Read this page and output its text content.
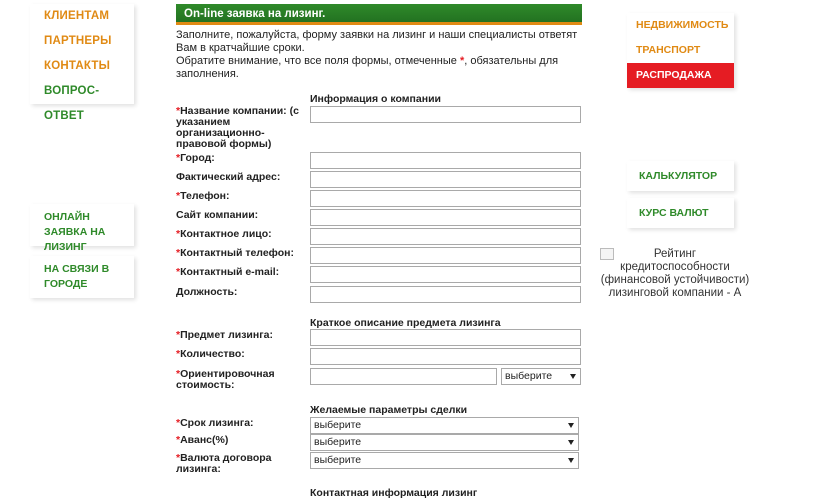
КЛИЕНТАМ
ПАРТНЕРЫ
КОНТАКТЫ
ВОПРОС-ОТВЕТ
ОНЛАЙН ЗАЯВКА НА ЛИЗИНГ
НА СВЯЗИ В ГОРОДЕ
НЕДВИЖИМОСТЬ
ТРАНСПОРТ
РАСПРОДАЖА
КАЛЬКУЛЯТОР
КУРС ВАЛЮТ
Рейтинг кредитоспособности (финансовой устойчивости) лизинговой компании - А
On-line заявка на лизинг.
Заполните, пожалуйста, форму заявки на лизинг и наши специалисты ответят Вам в кратчайшие сроки.
Обратите внимание, что все поля формы, отмеченные *, обязательны для заполнения.
Информация о компании
*Название компании: (с указанием организационно-правовой формы)
*Город:
Фактический адрес:
*Телефон:
Сайт компании:
*Контактное лицо:
*Контактный телефон:
*Контактный e-mail:
Должность:
Краткое описание предмета лизинга
*Предмет лизинга:
*Количество:
*Ориентировочная стоимость:
выберите
Желаемые параметры сделки
*Срок лизинга:	выберите
*Аванс(%)	выберите
*Валюта договора лизинга:
выберите
Контактная информация лизинг
